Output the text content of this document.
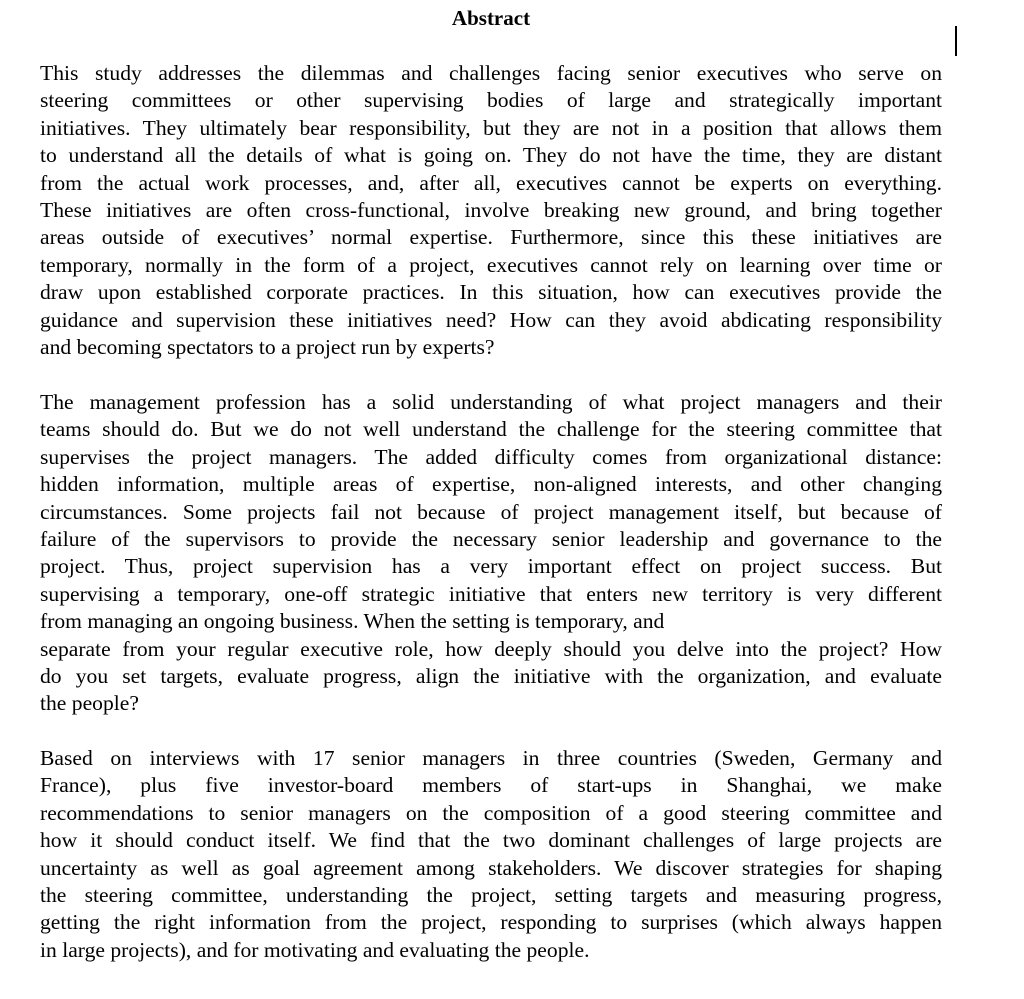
Abstract
This study addresses the dilemmas and challenges facing senior executives who serve on
steering committees or other supervising bodies of large and strategically important
initiatives. They ultimately bear responsibility, but they are not in a position that allows them
to understand all the details of what is going on. They do not have the time, they are distant
from the actual work processes, and, after all, executives cannot be experts on everything.
These initiatives are often cross-functional, involve breaking new ground, and bring together
areas outside of executives’ normal expertise. Furthermore, since this these initiatives are
temporary, normally in the form of a project, executives cannot rely on learning over time or
draw upon established corporate practices. In this situation, how can executives provide the
guidance and supervision these initiatives need? How can they avoid abdicating responsibility
and becoming spectators to a project run by experts?
The management profession has a solid understanding of what project managers and their
teams should do. But we do not well understand the challenge for the steering committee that
supervises the project managers. The added difficulty comes from organizational distance:
hidden information, multiple areas of expertise, non-aligned interests, and other changing
circumstances. Some projects fail not because of project management itself, but because of
failure of the supervisors to provide the necessary senior leadership and governance to the
project. Thus, project supervision has a very important effect on project success. But
supervising a temporary, one-off strategic initiative that enters new territory is very different
from managing an ongoing business. When the setting is temporary, and
separate from your regular executive role, how deeply should you delve into the project? How
do you set targets, evaluate progress, align the initiative with the organization, and evaluate
the people?
Based on interviews with 17 senior managers in three countries (Sweden, Germany and
France), plus five investor-board members of start-ups in Shanghai, we make
recommendations to senior managers on the composition of a good steering committee and
how it should conduct itself. We find that the two dominant challenges of large projects are
uncertainty as well as goal agreement among stakeholders. We discover strategies for shaping
the steering committee, understanding the project, setting targets and measuring progress,
getting the right information from the project, responding to surprises (which always happen
in large projects), and for motivating and evaluating the people.
